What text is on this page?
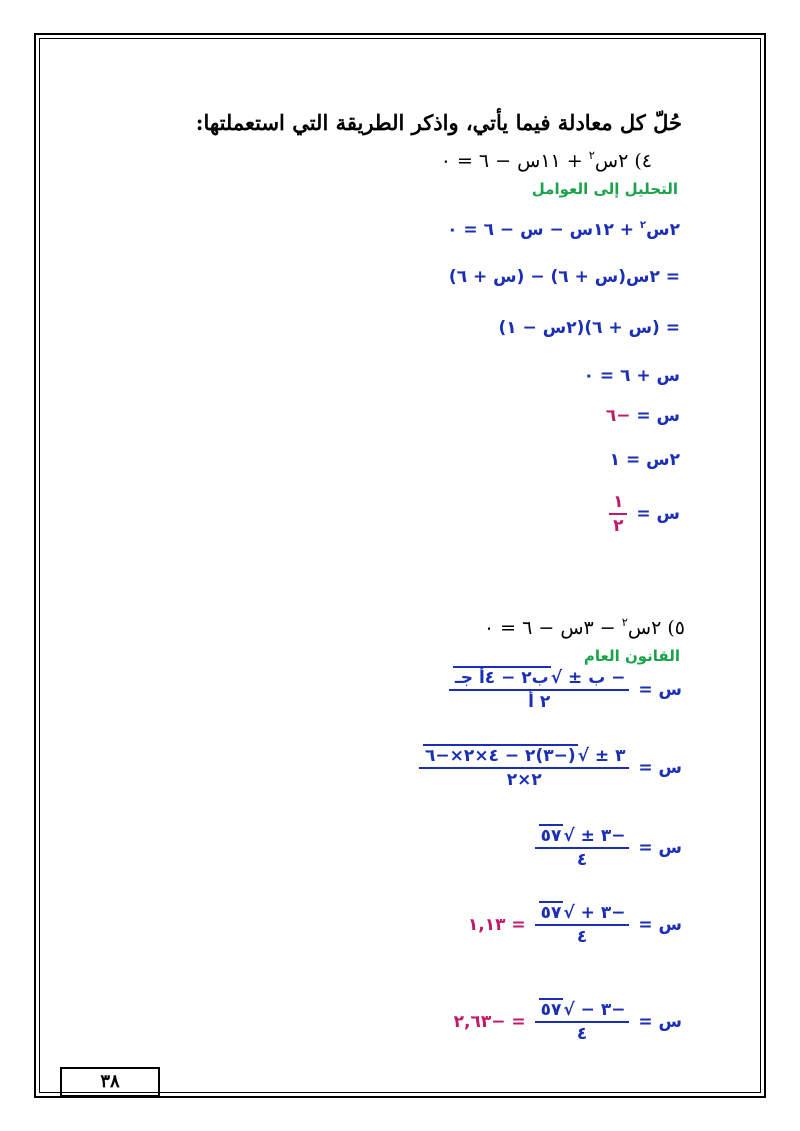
حُلّ كل معادلة فيما يأتي، واذكر الطريقة التي استعملتها:
٤) ٢س$^٢$ + ١١س − ٦ = ٠
التحليل إلى العوامل
٢س$^٢$ + ١٢س − س − ٦ = ٠
= ٢س(س + ٦) − (س + ٦)
= (س + ٦)(٢س − ١)
س + ٦ = ٠
س = −٦
٢س = ١
س =
$\frac{١}{٢}$
٥) ٢س$^٢$ − ٣س − ٦ = ٠
القانون العام
س =
$\frac{\text{− ب ± √ب٢ − ٤أ جـ}}{\text{٢ أ}}$
س =
$\frac{٣ \pm √(-٣)٢ - ٤\times ٢\times-٦}{٢\times ٢}$
س =
$\frac{-٣ \pm √٥٧}{٤}$
س =
$\frac{-٣ + √٥٧}{٤}$
= ١,١٣
س =
$\frac{-٣ - √٥٧}{٤}$
= −٢,٦٣
٣٨
